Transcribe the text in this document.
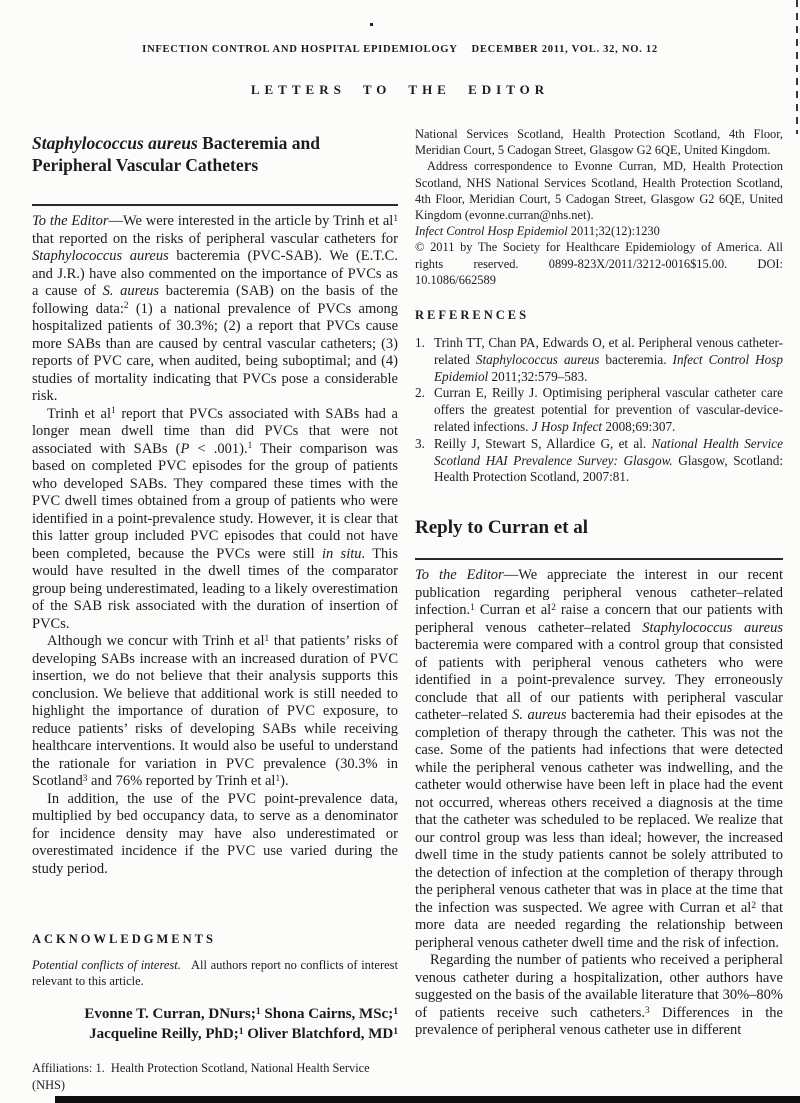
INFECTION CONTROL AND HOSPITAL EPIDEMIOLOGY DECEMBER 2011, VOL. 32, NO. 12
LETTERS TO THE EDITOR
Staphylococcus aureus Bacteremia and Peripheral Vascular Catheters

To the Editor—We were interested in the article by Trinh et $al^1$ that reported on the risks of peripheral vascular catheters for Staphylococcus aureus bacteremia (PVC-SAB). We (E.T.C. and J.R.) have also commented on the importance of PVCs as a cause of S. aureus bacteremia (SAB) on the basis of the following data:$^2$ (1) a national prevalence of PVCs among hospitalized patients of 30.3%; (2) a report that PVCs cause more SABs than are caused by central vascular catheters; (3) reports of PVC care, when audited, being suboptimal; and (4) studies of mortality indicating that PVCs pose a considerable risk.

Trinh et $al^1$ report that PVCs associated with SABs had a longer mean dwell time than did PVCs that were not associated with SABs (P < .001).$^1$ Their comparison was based on completed PVC episodes for the group of patients who developed SABs. They compared these times with the PVC dwell times obtained from a group of patients who were identified in a point-prevalence study. However, it is clear that this latter group included PVC episodes that could not have been completed, because the PVCs were still in situ. This would have resulted in the dwell times of the comparator group being underestimated, leading to a likely overestimation of the SAB risk associated with the duration of insertion of PVCs.

Although we concur with Trinh et $al^1$ that patients’ risks of developing SABs increase with an increased duration of PVC insertion, we do not believe that their analysis supports this conclusion. We believe that additional work is still needed to highlight the importance of duration of PVC exposure, to reduce patients’ risks of developing SABs while receiving healthcare interventions. It would also be useful to understand the rationale for variation in PVC prevalence (30.3% in Scotland$^3$ and 76% reported by Trinh et $al^1$).

In addition, the use of the PVC point-prevalence data, multiplied by bed occupancy data, to serve as a denominator for incidence density may have also underestimated or overestimated incidence if the PVC use varied during the study period.

ACKNOWLEDGMENTS

Potential conflicts of interest.   All authors report no conflicts of interest relevant to this article.

Evonne T. Curran, DNurs;$^1$ Shona Cairns, MSc;$^1$
Jacqueline Reilly, PhD;$^1$ Oliver Blatchford, $MD^1$
Affiliations: 1.  Health Protection Scotland, National Health Service (NHS)

National Services Scotland, Health Protection Scotland, 4th Floor, Meridian Court, 5 Cadogan Street, Glasgow G2 6QE, United Kingdom.

Address correspondence to Evonne Curran, MD, Health Protection Scotland, NHS National Services Scotland, Health Protection Scotland, 4th Floor, Meridian Court, 5 Cadogan Street, Glasgow G2 6QE, United Kingdom (evonne.curran@nhs.net).

Infect Control Hosp Epidemiol 2011;32(12):1230

© 2011 by The Society for Healthcare Epidemiology of America. All rights reserved. 0899-823X/2011/3212-0016$15.00. DOI: 10.1086/662589

REFERENCES

1. Trinh TT, Chan PA, Edwards O, et al. Peripheral venous catheter-related Staphylococcus aureus bacteremia. Infect Control Hosp Epidemiol 2011;32:579–583.

2. Curran E, Reilly J. Optimising peripheral vascular catheter care offers the greatest potential for prevention of vascular-device-related infections. J Hosp Infect 2008;69:307.

3. Reilly J, Stewart S, Allardice G, et al. National Health Service Scotland HAI Prevalence Survey: Glasgow. Glasgow, Scotland: Health Protection Scotland, 2007:81.

Reply to Curran et al

To the Editor—We appreciate the interest in our recent publication regarding peripheral venous catheter–related infection.$^1$ Curran et $al^2$ raise a concern that our patients with peripheral venous catheter–related Staphylococcus aureus bacteremia were compared with a control group that consisted of patients with peripheral venous catheters who were identified in a point-prevalence survey. They erroneously conclude that all of our patients with peripheral vascular catheter–related S. aureus bacteremia had their episodes at the completion of therapy through the catheter. This was not the case. Some of the patients had infections that were detected while the peripheral venous catheter was indwelling, and the catheter would otherwise have been left in place had the event not occurred, whereas others received a diagnosis at the time that the catheter was scheduled to be replaced. We realize that our control group was less than ideal; however, the increased dwell time in the study patients cannot be solely attributed to the detection of infection at the completion of therapy through the peripheral venous catheter that was in place at the time that the infection was suspected. We agree with Curran et $al^2$ that more data are needed regarding the relationship between peripheral venous catheter dwell time and the risk of infection.

Regarding the number of patients who received a peripheral venous catheter during a hospitalization, other authors have suggested on the basis of the available literature that 30%–80% of patients receive such catheters.$^3$ Differences in the prevalence of peripheral venous catheter use in different
